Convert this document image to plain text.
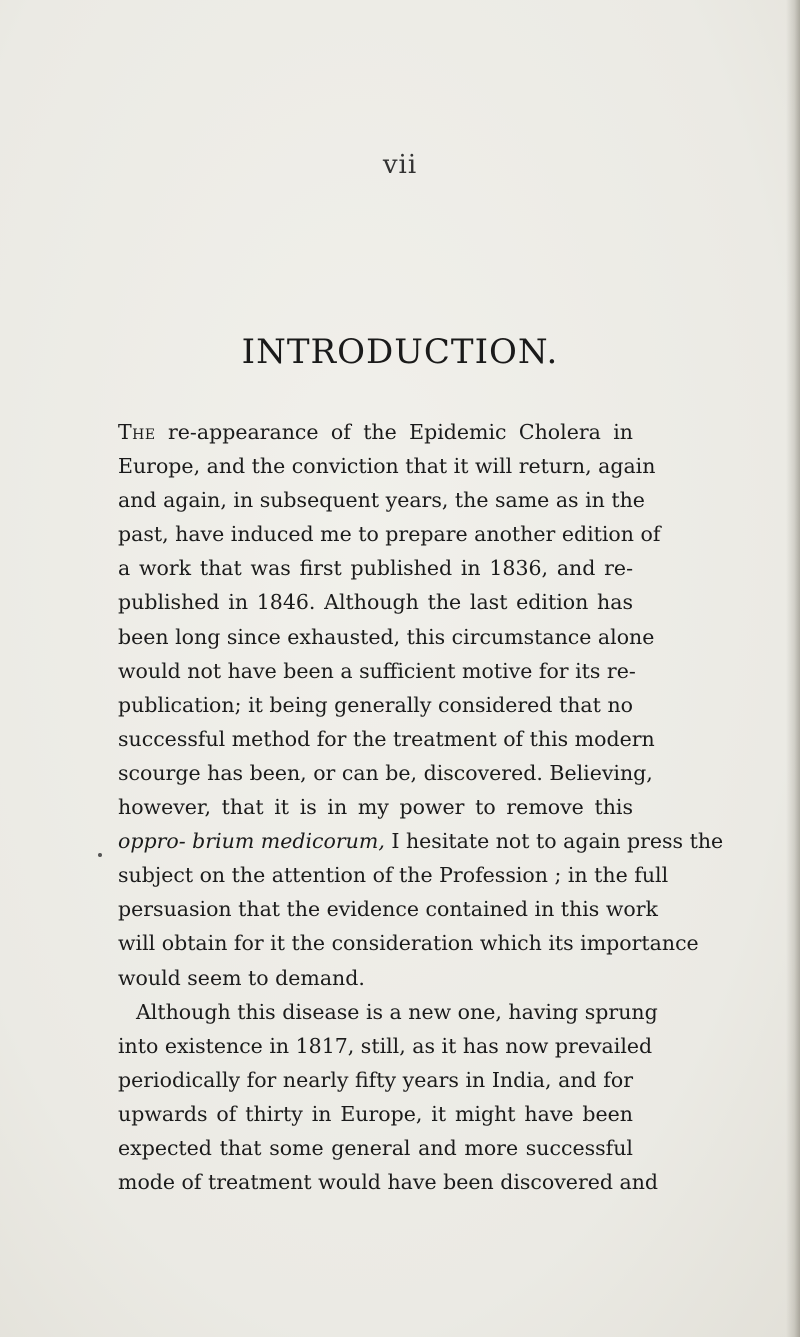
vii
INTRODUCTION.
The re-appearance of the Epidemic Cholera in
Europe, and the conviction that it will return, again
and again, in subsequent years, the same as in the
past, have induced me to prepare another edition of
a work that was first published in 1836, and re-
published in 1846. Although the last edition has
been long since exhausted, this circumstance alone
would not have been a sufficient motive for its re-
publication; it being generally considered that no
successful method for the treatment of this modern
scourge has been, or can be, discovered. Believing,
however, that it is in my power to remove this
oppro- brium medicorum, I hesitate not to again press the
subject on the attention of the Profession ; in the full
persuasion that the evidence contained in this work
will obtain for it the consideration which its importance
would seem to demand.
Although this disease is a new one, having sprung
into existence in 1817, still, as it has now prevailed
periodically for nearly fifty years in India, and for
upwards of thirty in Europe, it might have been
expected that some general and more successful
mode of treatment would have been discovered and
